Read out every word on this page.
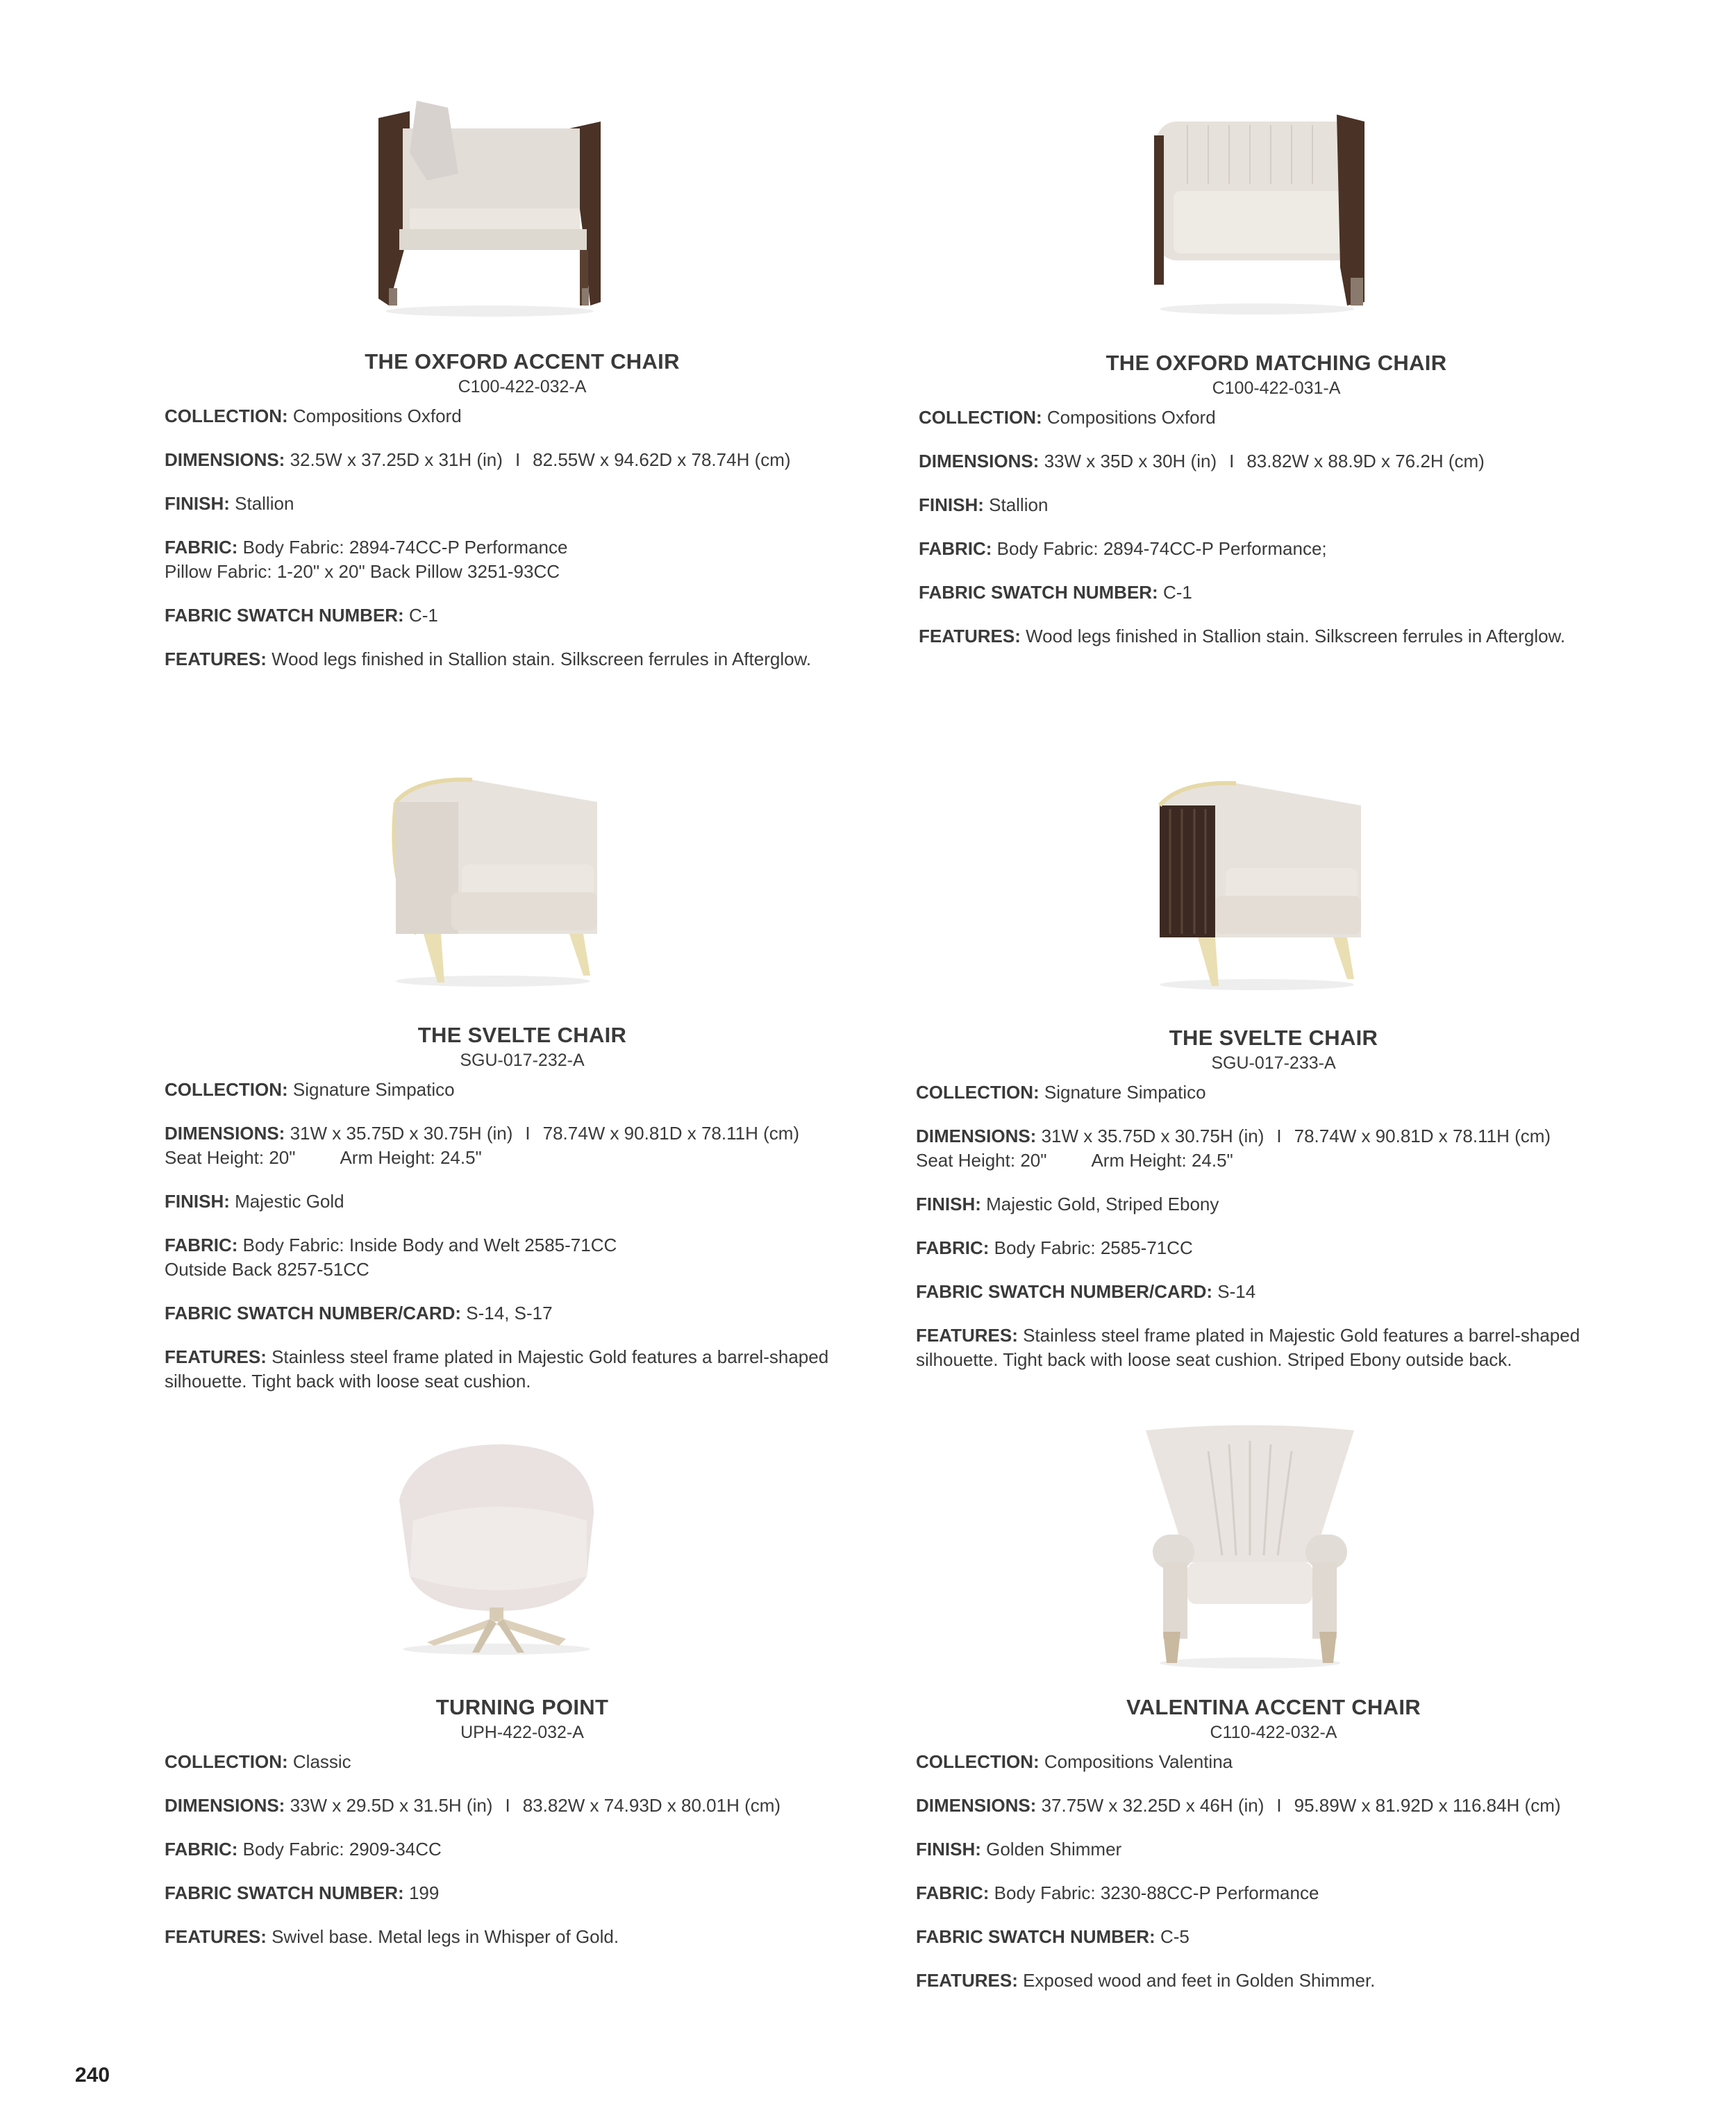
THE OXFORD ACCENT CHAIR
C100-422-032-A
COLLECTION: Compositions Oxford
DIMENSIONS: 32.5W x 37.25D x 31H (in) I 82.55W x 94.62D x 78.74H (cm)
FINISH: Stallion
FABRIC: Body Fabric: 2894-74CC-P Performance
Pillow Fabric: 1-20" x 20" Back Pillow 3251-93CC
FABRIC SWATCH NUMBER: C-1
FEATURES: Wood legs finished in Stallion stain. Silkscreen ferrules in Afterglow.
THE OXFORD MATCHING CHAIR
C100-422-031-A
COLLECTION: Compositions Oxford
DIMENSIONS: 33W x 35D x 30H (in) I 83.82W x 88.9D x 76.2H (cm)
FINISH: Stallion
FABRIC: Body Fabric: 2894-74CC-P Performance;
FABRIC SWATCH NUMBER: C-1
FEATURES: Wood legs finished in Stallion stain. Silkscreen ferrules in Afterglow.
THE SVELTE CHAIR
SGU-017-232-A
COLLECTION: Signature Simpatico
DIMENSIONS: 31W x 35.75D x 30.75H (in) I 78.74W x 90.81D x 78.11H (cm)
Seat Height: 20" Arm Height: 24.5"
FINISH: Majestic Gold
FABRIC: Body Fabric: Inside Body and Welt 2585-71CC
Outside Back 8257-51CC
FABRIC SWATCH NUMBER/CARD: S-14, S-17
FEATURES: Stainless steel frame plated in Majestic Gold features a barrel-shaped silhouette. Tight back with loose seat cushion.
THE SVELTE CHAIR
SGU-017-233-A
COLLECTION: Signature Simpatico
DIMENSIONS: 31W x 35.75D x 30.75H (in) I 78.74W x 90.81D x 78.11H (cm)
Seat Height: 20" Arm Height: 24.5"
FINISH: Majestic Gold, Striped Ebony
FABRIC: Body Fabric: 2585-71CC
FABRIC SWATCH NUMBER/CARD: S-14
FEATURES: Stainless steel frame plated in Majestic Gold features a barrel-shaped silhouette. Tight back with loose seat cushion. Striped Ebony outside back.
TURNING POINT
UPH-422-032-A
COLLECTION: Classic
DIMENSIONS: 33W x 29.5D x 31.5H (in) I 83.82W x 74.93D x 80.01H (cm)
FABRIC: Body Fabric: 2909-34CC
FABRIC SWATCH NUMBER: 199
FEATURES: Swivel base. Metal legs in Whisper of Gold.
VALENTINA ACCENT CHAIR
C110-422-032-A
COLLECTION: Compositions Valentina
DIMENSIONS: 37.75W x 32.25D x 46H (in) I 95.89W x 81.92D x 116.84H (cm)
FINISH: Golden Shimmer
FABRIC: Body Fabric: 3230-88CC-P Performance
FABRIC SWATCH NUMBER: C-5
FEATURES: Exposed wood and feet in Golden Shimmer.
240
